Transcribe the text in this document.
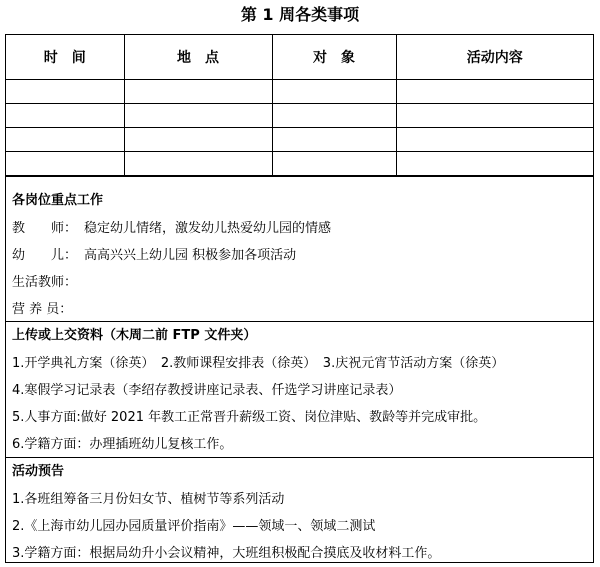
第 1 周各类事项
时　间	地　点	对　象	活动内容

各岗位重点工作
教　　师： 稳定幼儿情绪，激发幼儿热爱幼儿园的情感
幼　　儿： 高高兴兴上幼儿园 积极参加各项活动
生活教师：
营 养 员：
上传或上交资料（木周二前 FTP 文件夹）
1.开学典礼方案（徐英）　2.教师课程安排表（徐英）　3.庆祝元宵节活动方案（徐英）
4.寒假学习记录表（李绍存教授讲座记录表、仟选学习讲座记录表）
5.人事方面:做好 2021 年教工正常晋升薪级工资、岗位津贴、教龄等并完成审批。
6.学籍方面：办理插班幼儿复核工作。
活动预告
1.各班组筹备三月份妇女节、植树节等系列活动
2.《上海市幼儿园办园质量评价指南》——领域一、领域二测试
3.学籍方面：根据局幼升小会议精神，大班组积极配合摸底及收材料工作。
